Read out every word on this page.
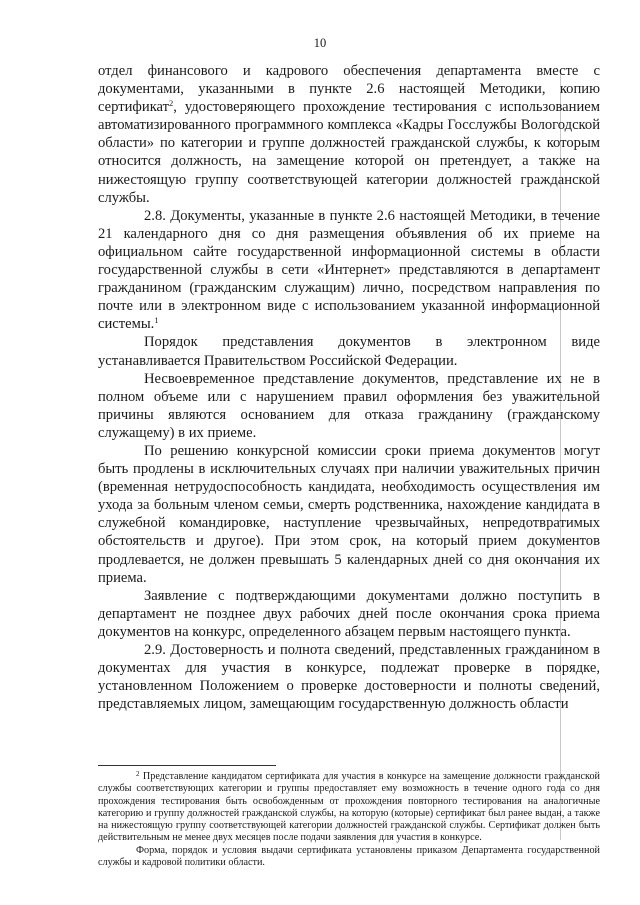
10

отдел финансового и кадрового обеспечения департамента вместе с документами, указанными в пункте 2.6 настоящей Методики, копию сертификат$^2$, удостоверяющего прохождение тестирования с использованием автоматизированного программного комплекса «Кадры Госслужбы Вологодской области» по категории и группе должностей гражданской службы, к которым относится должность, на замещение которой он претендует, а также на нижестоящую группу соответствующей категории должностей гражданской службы.

2.8. Документы, указанные в пункте 2.6 настоящей Методики, в течение 21 календарного дня со дня размещения объявления об их приеме на официальном сайте государственной информационной системы в области государственной службы в сети «Интернет» представляются в департамент гражданином (гражданским служащим) лично, посредством направления по почте или в электронном виде с использованием указанной информационной системы.$^1$

Порядок представления документов в электронном виде устанавливается Правительством Российской Федерации.

Несвоевременное представление документов, представление их не в полном объеме или с нарушением правил оформления без уважительной причины являются основанием для отказа гражданину (гражданскому служащему) в их приеме.

По решению конкурсной комиссии сроки приема документов могут быть продлены в исключительных случаях при наличии уважительных причин (временная нетрудоспособность кандидата, необходимость осуществления им ухода за больным членом семьи, смерть родственника, нахождение кандидата в служебной командировке, наступление чрезвычайных, непредотвратимых обстоятельств и другое). При этом срок, на который прием документов продлевается, не должен превышать 5 календарных дней со дня окончания их приема.

Заявление с подтверждающими документами должно поступить в департамент не позднее двух рабочих дней после окончания срока приема документов на конкурс, определенного абзацем первым настоящего пункта.

2.9. Достоверность и полнота сведений, представленных гражданином в документах для участия в конкурсе, подлежат проверке в порядке, установленном Положением о проверке достоверности и полноты сведений, представляемых лицом, замещающим государственную должность области

$^2$ Представление кандидатом сертификата для участия в конкурсе на замещение должности гражданской службы соответствующих категории и группы предоставляет ему возможность в течение одного года со дня прохождения тестирования быть освобожденным от прохождения повторного тестирования на аналогичные категорию и группу должностей гражданской службы, на которую (которые) сертификат был ранее выдан, а также на нижестоящую группу соответствующей категории должностей гражданской службы. Сертификат должен быть действительным не менее двух месяцев после подачи заявления для участия в конкурсе.

Форма, порядок и условия выдачи сертификата установлены приказом Департамента государственной службы и кадровой политики области.
